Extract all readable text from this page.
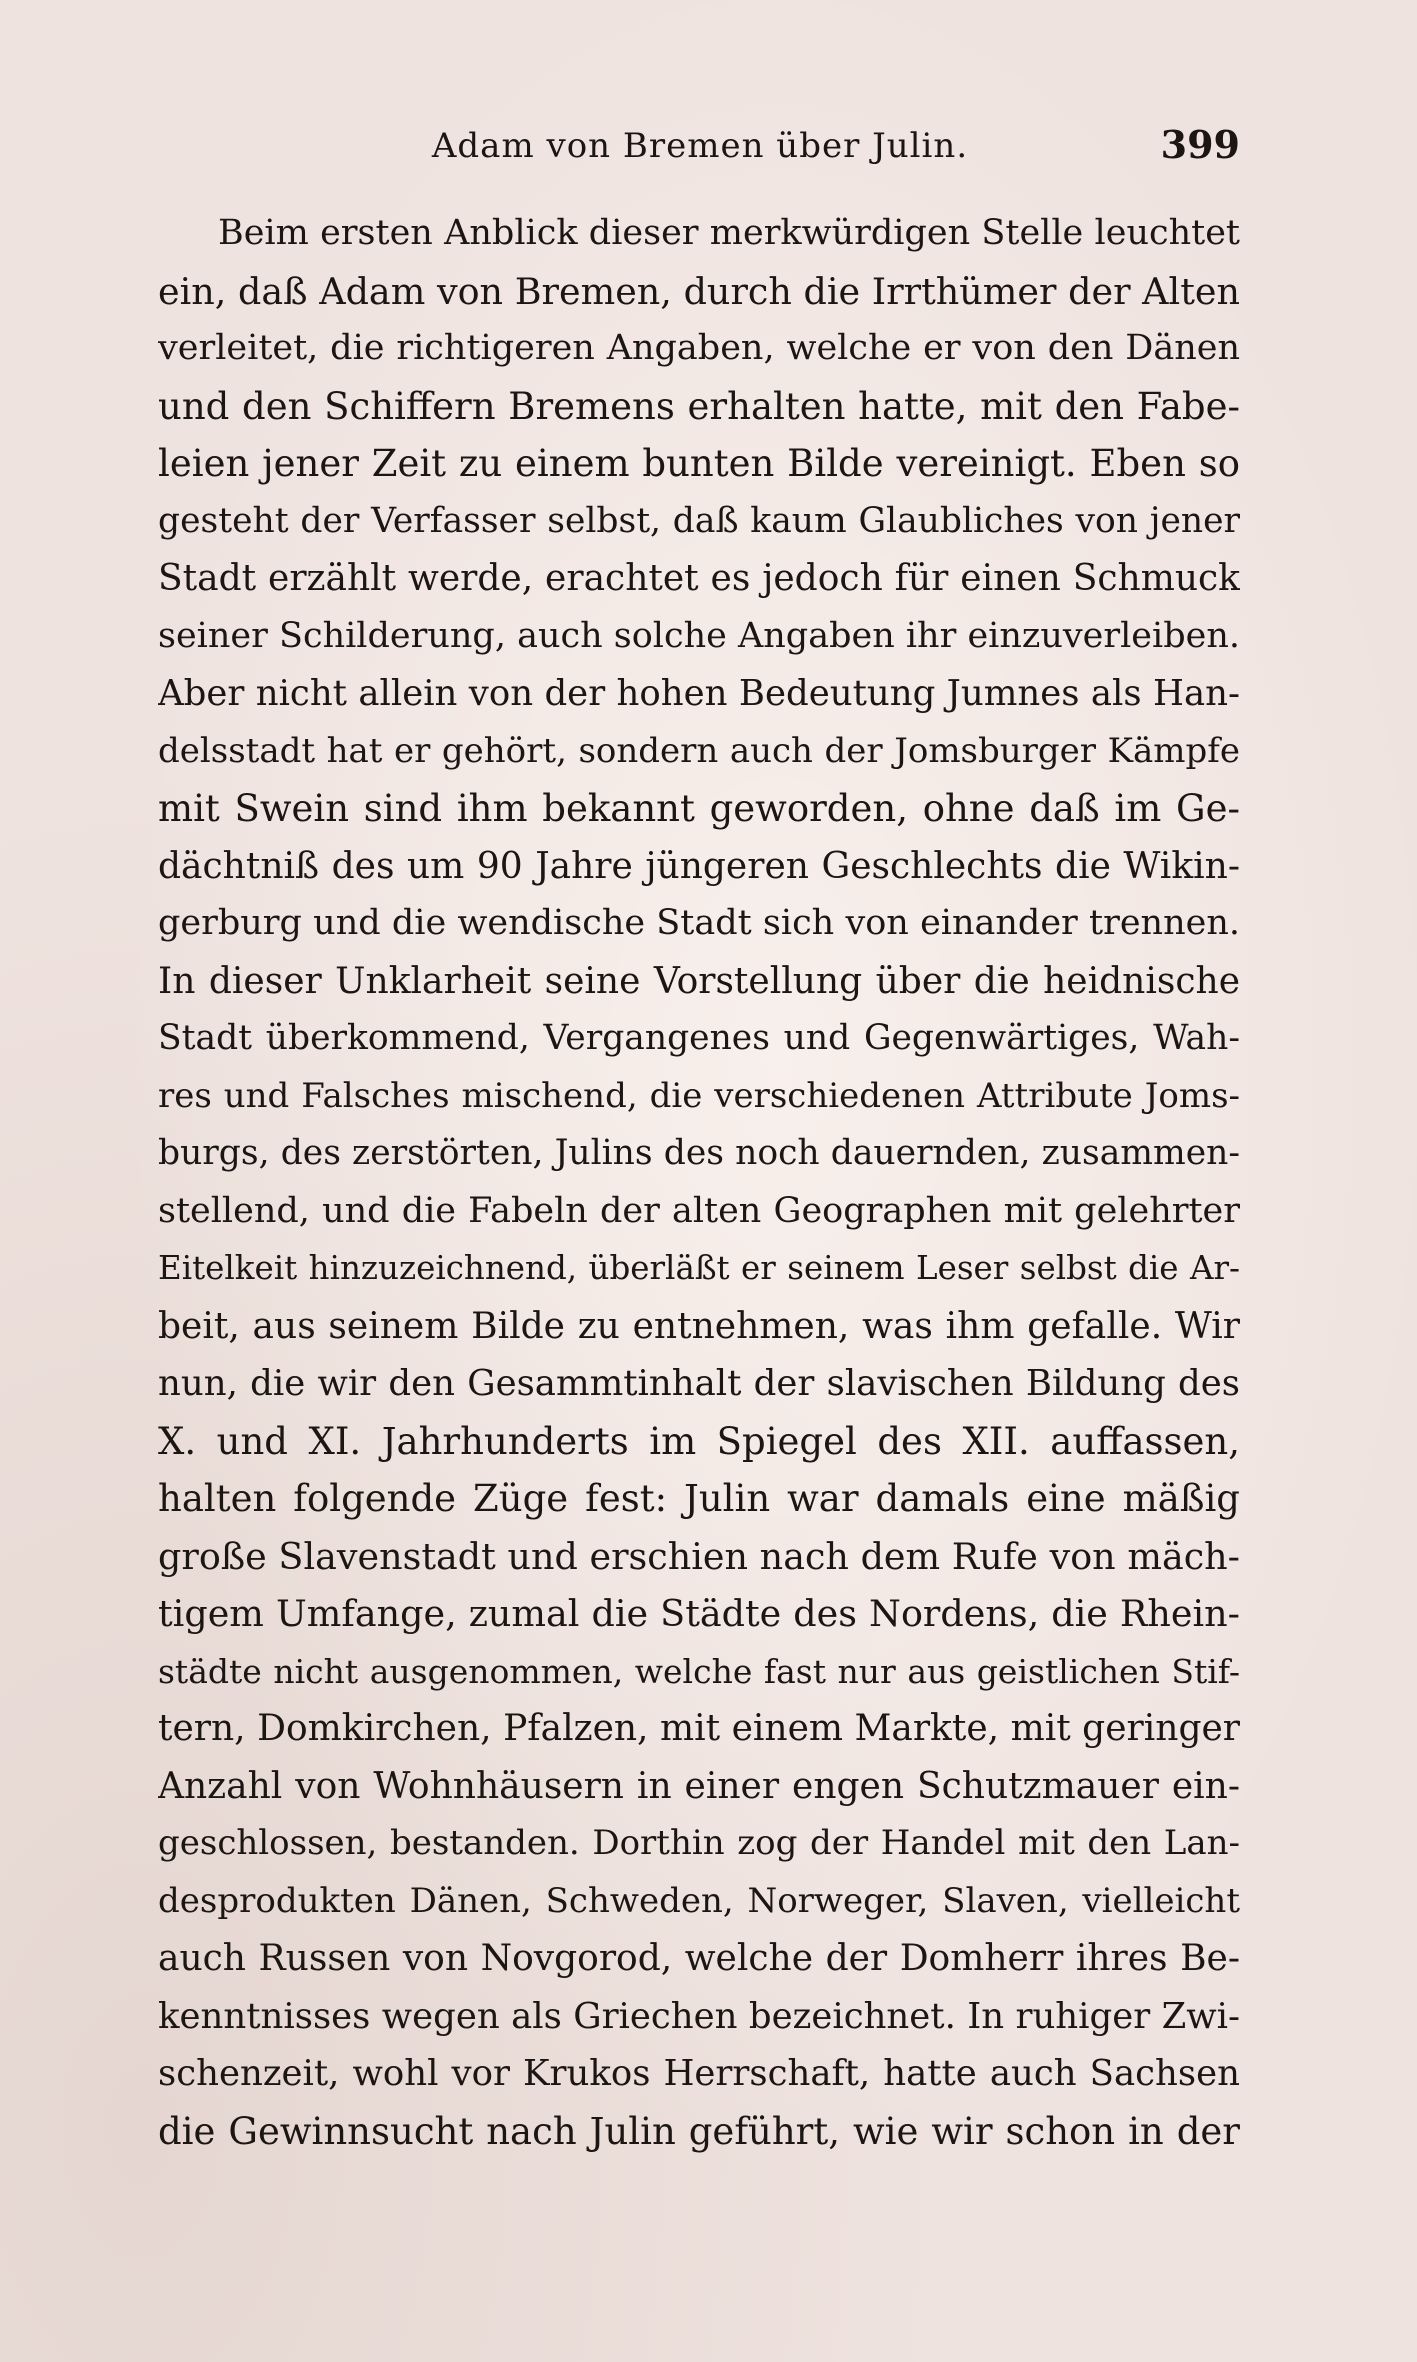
Adam von Bremen über Julin.	399
Beim ersten Anblick dieser merkwürdigen Stelle leuchtet
ein, daß Adam von Bremen, durch die Irrthümer der Alten
verleitet, die richtigeren Angaben, welche er von den Dänen
und den Schiffern Bremens erhalten hatte, mit den Fabe-
leien jener Zeit zu einem bunten Bilde vereinigt. Eben so
gesteht der Verfasser selbst, daß kaum Glaubliches von jener
Stadt erzählt werde, erachtet es jedoch für einen Schmuck
seiner Schilderung, auch solche Angaben ihr einzuverleiben.
Aber nicht allein von der hohen Bedeutung Jumnes als Han-
delsstadt hat er gehört, sondern auch der Jomsburger Kämpfe
mit Swein sind ihm bekannt geworden, ohne daß im Ge-
dächtniß des um 90 Jahre jüngeren Geschlechts die Wikin-
gerburg und die wendische Stadt sich von einander trennen.
In dieser Unklarheit seine Vorstellung über die heidnische
Stadt überkommend, Vergangenes und Gegenwärtiges, Wah-
res und Falsches mischend, die verschiedenen Attribute Joms-
burgs, des zerstörten, Julins des noch dauernden, zusammen-
stellend, und die Fabeln der alten Geographen mit gelehrter
Eitelkeit hinzuzeichnend, überläßt er seinem Leser selbst die Ar-
beit, aus seinem Bilde zu entnehmen, was ihm gefalle. Wir
nun, die wir den Gesammtinhalt der slavischen Bildung des
X. und XI. Jahrhunderts im Spiegel des XII. auffassen,
halten folgende Züge fest: Julin war damals eine mäßig
große Slavenstadt und erschien nach dem Rufe von mäch-
tigem Umfange, zumal die Städte des Nordens, die Rhein-
städte nicht ausgenommen, welche fast nur aus geistlichen Stif-
tern, Domkirchen, Pfalzen, mit einem Markte, mit geringer
Anzahl von Wohnhäusern in einer engen Schutzmauer ein-
geschlossen, bestanden. Dorthin zog der Handel mit den Lan-
desprodukten Dänen, Schweden, Norweger, Slaven, vielleicht
auch Russen von Novgorod, welche der Domherr ihres Be-
kenntnisses wegen als Griechen bezeichnet. In ruhiger Zwi-
schenzeit, wohl vor Krukos Herrschaft, hatte auch Sachsen
die Gewinnsucht nach Julin geführt, wie wir schon in der
